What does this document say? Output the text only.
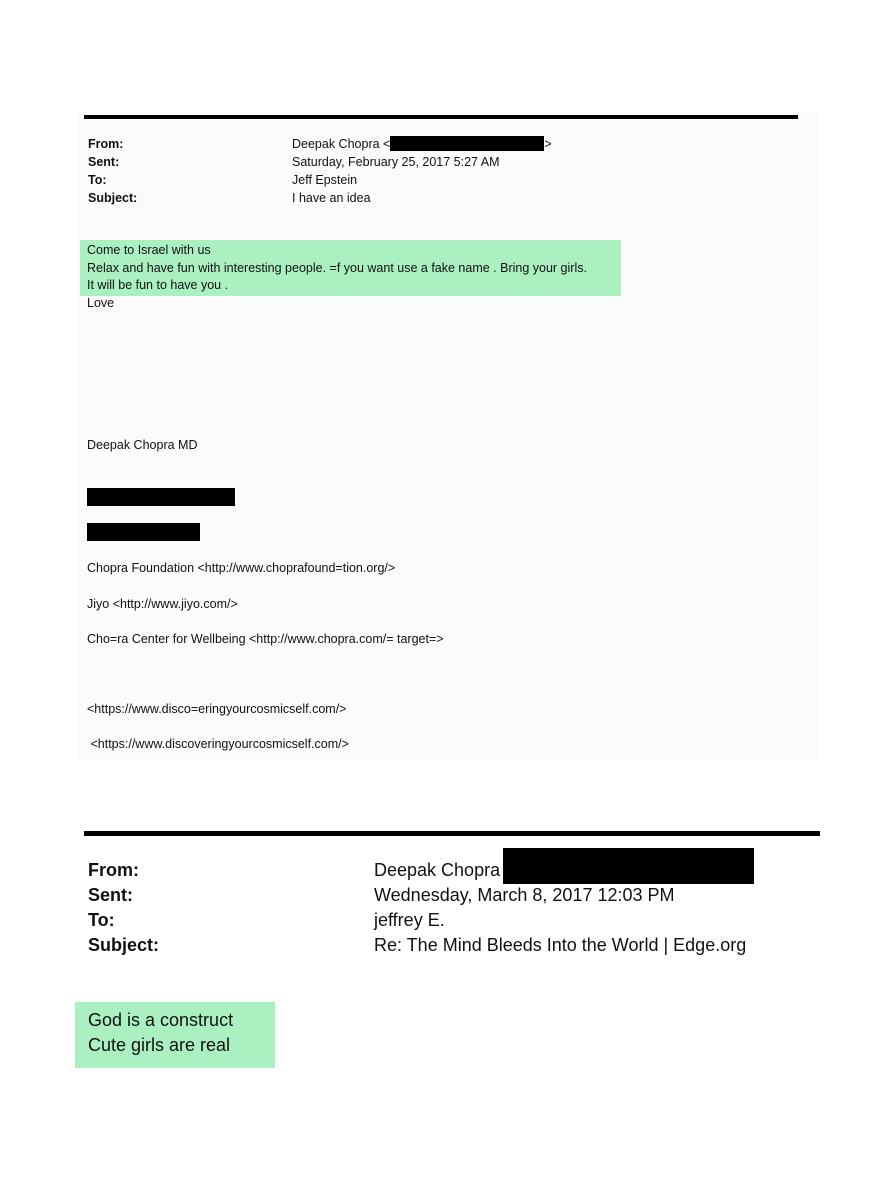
From:	Deepak Chopra <	>
Sent:	Saturday, February 25, 2017 5:27 AM
To:	Jeff Epstein
Subject:	I have an idea
Come to Israel with us
Relax and have fun with interesting people. =f you want use a fake name . Bring your girls.
It will be fun to have you .
Love
Deepak Chopra MD
Chopra Foundation <http://www.choprafound=tion.org/>
Jiyo <http://www.jiyo.com/>
Cho=ra Center for Wellbeing <http://www.chopra.com/= target=>
<https://www.disco=eringyourcosmicself.com/>
<https://www.discoveringyourcosmicself.com/>
From:	Deepak Chopra
Sent:	Wednesday, March 8, 2017 12:03 PM
To:	jeffrey E.
Subject:	Re: The Mind Bleeds Into the World | Edge.org
God is a construct
Cute girls are real
